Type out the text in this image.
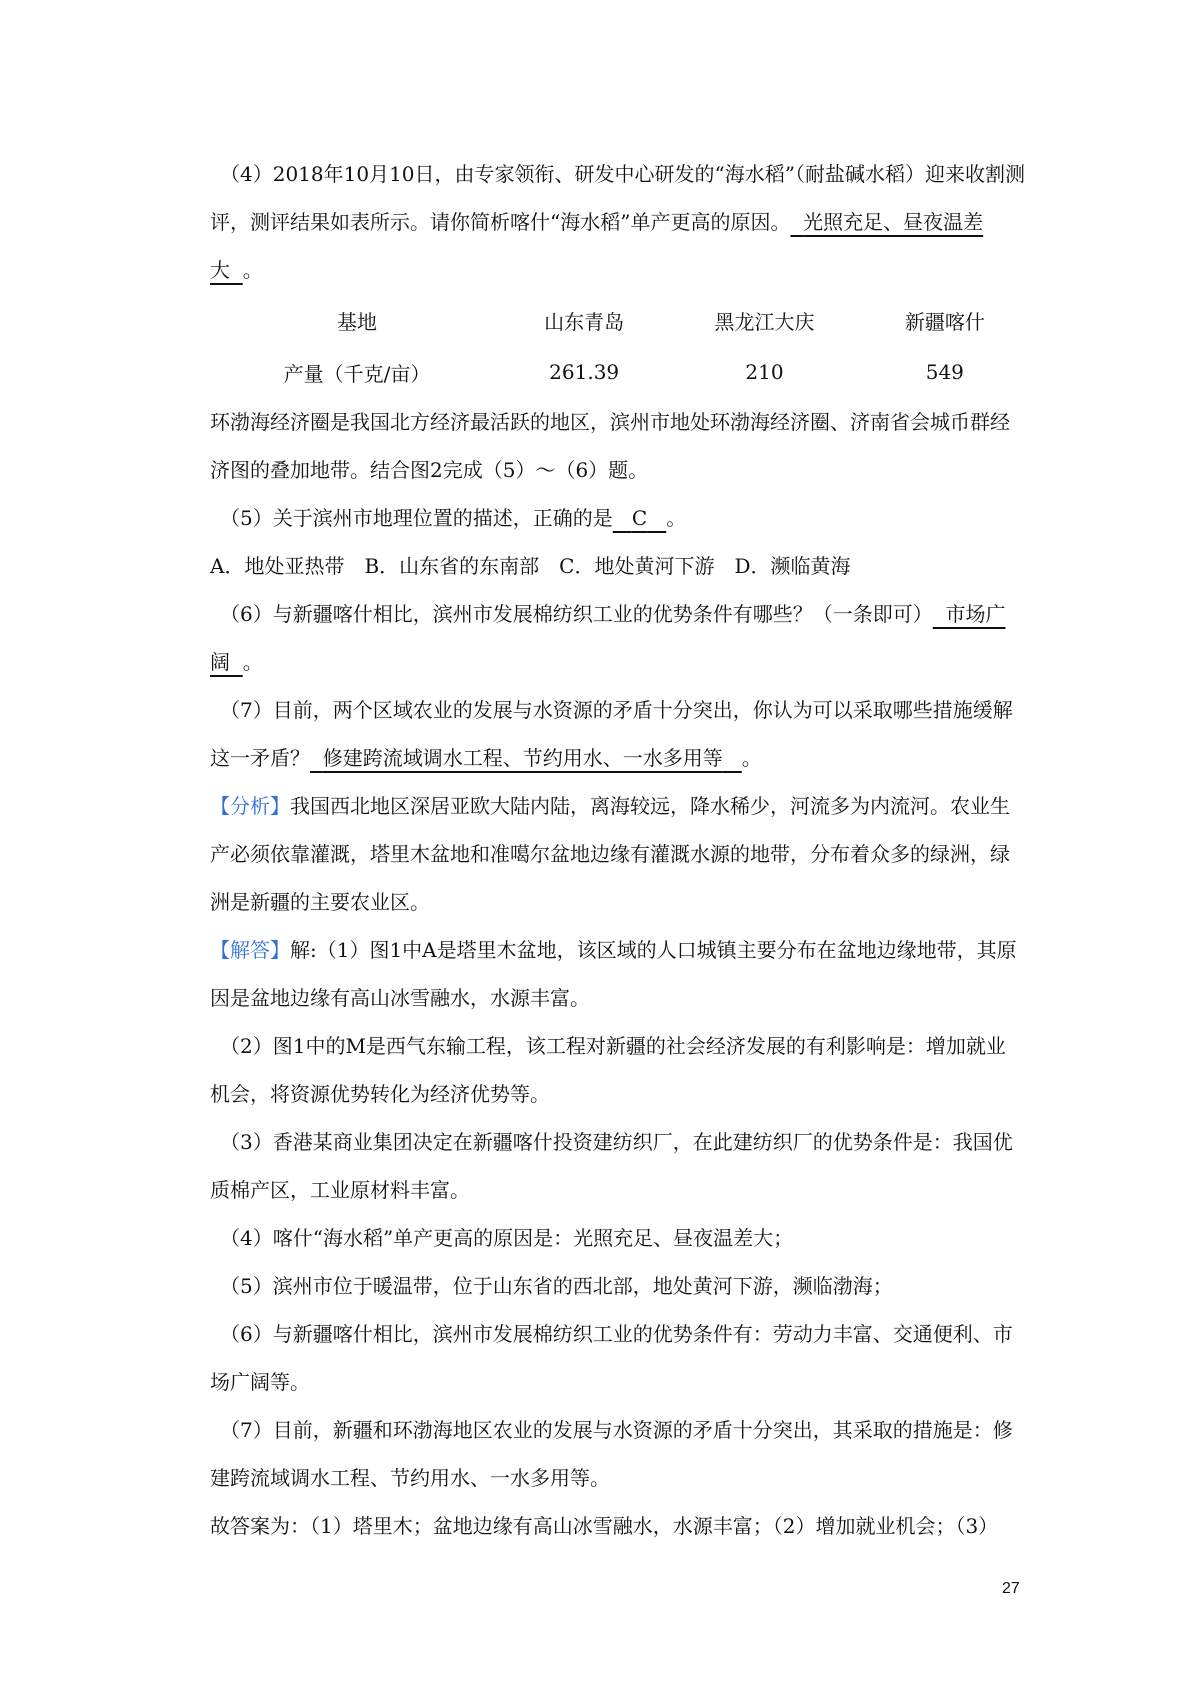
（4）2018年10月10日，由专家领衔、研发中心研发的“海水稻”（耐盐碱水稻）迎来收割测评，测评结果如表所示。请你简析喀什“海水稻”单产更高的原因。 光照充足、昼夜温差大 。

基地	山东青岛	黑龙江大庆	新疆喀什
产量（千克/亩）	261.39	210	549

环渤海经济圈是我国北方经济最活跃的地区，滨州市地处环渤海经济圈、济南省会城币群经济图的叠加地带。结合图2完成（5）～（6）题。

（5）关于滨州市地理位置的描述，正确的是 C 。

A．地处亚热带　B．山东省的东南部　C．地处黄河下游　D．濒临黄海

（6）与新疆喀什相比，滨州市发展棉纺织工业的优势条件有哪些？（一条即可） 市场广阔 。

（7）目前，两个区域农业的发展与水资源的矛盾十分突出，你认为可以采取哪些措施缓解这一矛盾？ 修建跨流域调水工程、节约用水、一水多用等 。

【分析】我国西北地区深居亚欧大陆内陆，离海较远，降水稀少，河流多为内流河。农业生产必须依靠灌溉，塔里木盆地和准噶尔盆地边缘有灌溉水源的地带，分布着众多的绿洲，绿洲是新疆的主要农业区。

【解答】解:（1）图1中A是塔里木盆地，该区域的人口城镇主要分布在盆地边缘地带，其原因是盆地边缘有高山冰雪融水，水源丰富。

（2）图1中的M是西气东输工程，该工程对新疆的社会经济发展的有利影响是：增加就业机会，将资源优势转化为经济优势等。

（3）香港某商业集团决定在新疆喀什投资建纺织厂，在此建纺织厂的优势条件是：我国优质棉产区，工业原材料丰富。

（4）喀什“海水稻”单产更高的原因是：光照充足、昼夜温差大；

（5）滨州市位于暖温带，位于山东省的西北部，地处黄河下游，濒临渤海；

（6）与新疆喀什相比，滨州市发展棉纺织工业的优势条件有：劳动力丰富、交通便利、市场广阔等。

（7）目前，新疆和环渤海地区农业的发展与水资源的矛盾十分突出，其采取的措施是：修建跨流域调水工程、节约用水、一水多用等。

故答案为：（1）塔里木；盆地边缘有高山冰雪融水，水源丰富；（2）增加就业机会；（3）

27
